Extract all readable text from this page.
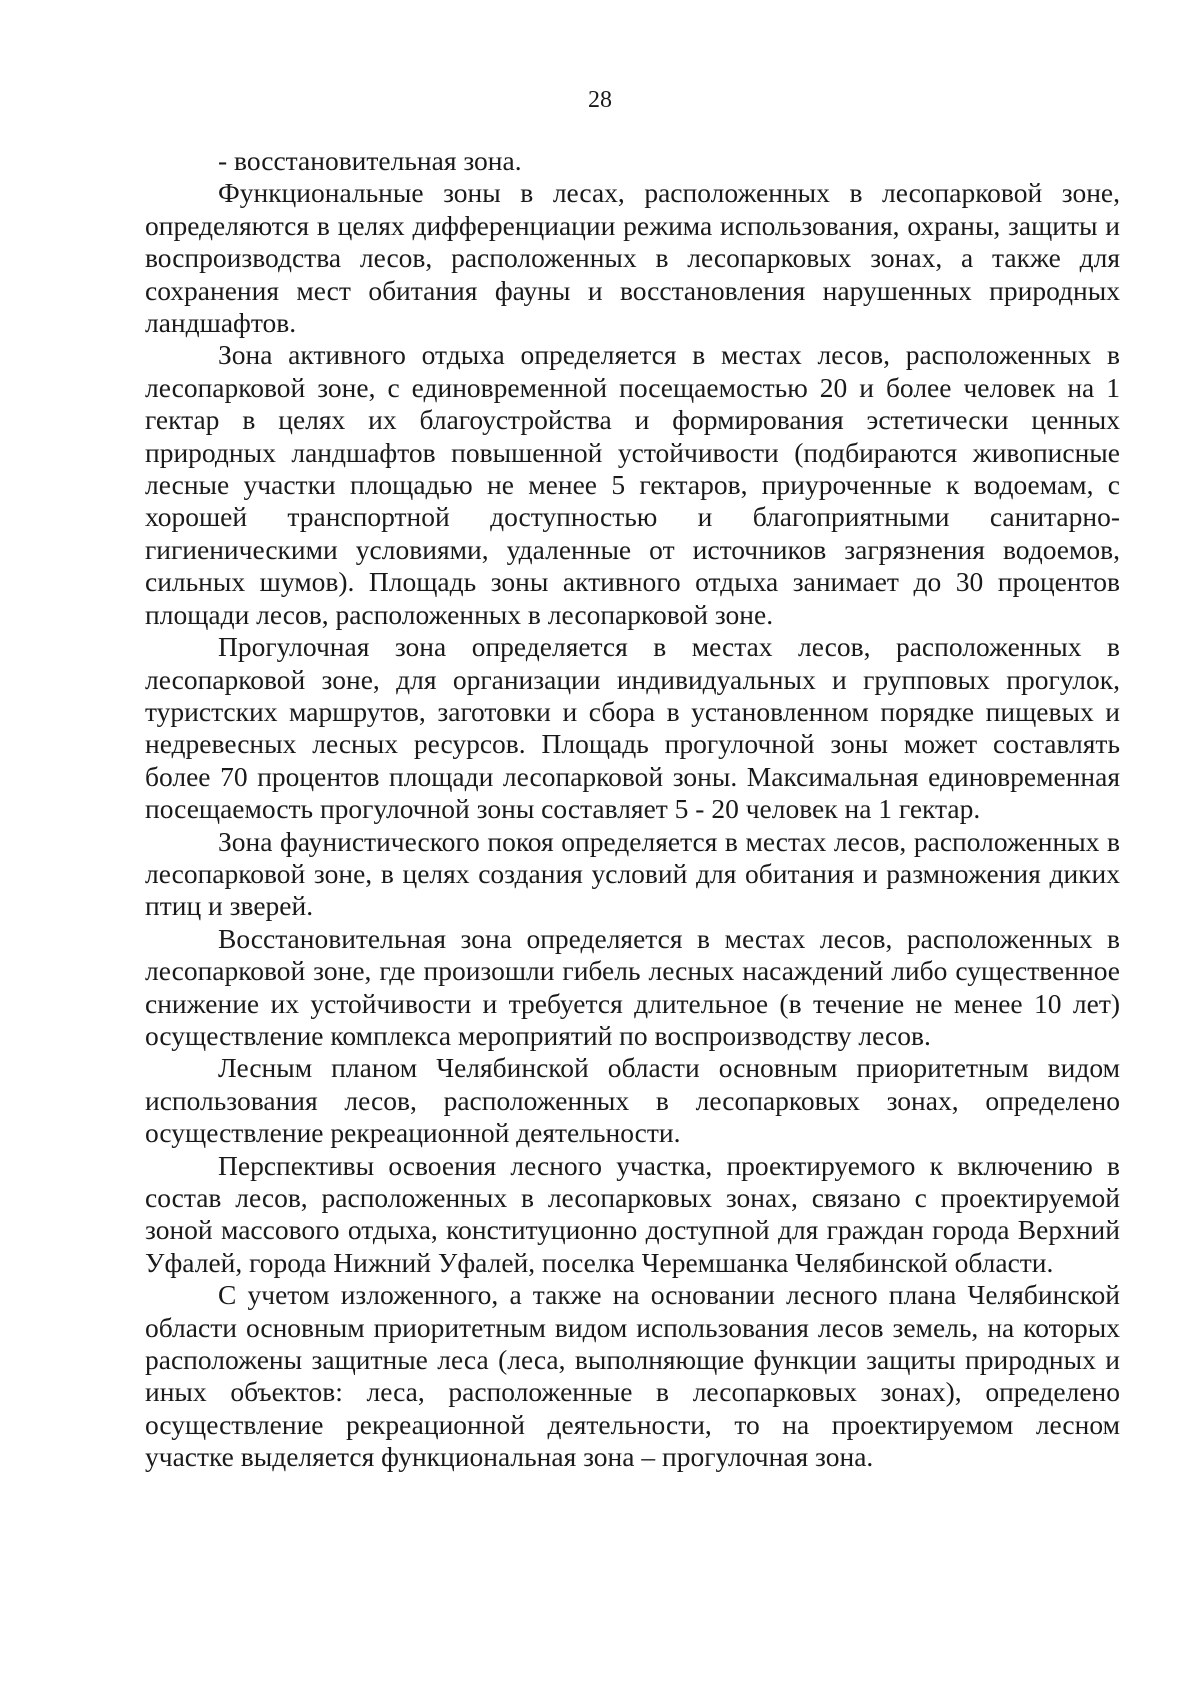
28

- восстановительная зона.

Функциональные зоны в лесах, расположенных в лесопарковой зоне, определяются в целях дифференциации режима использования, охраны, защиты и воспроизводства лесов, расположенных в лесопарковых зонах, а также для сохранения мест обитания фауны и восстановления нарушенных природных ландшафтов.

Зона активного отдыха определяется в местах лесов, расположенных в лесопарковой зоне, с единовременной посещаемостью 20 и более человек на 1 гектар в целях их благоустройства и формирования эстетически ценных природных ландшафтов повышенной устойчивости (подбираются живописные лесные участки площадью не менее 5 гектаров, приуроченные к водоемам, с хорошей транспортной доступностью и благоприятными санитарно-гигиеническими условиями, удаленные от источников загрязнения водоемов, сильных шумов). Площадь зоны активного отдыха занимает до 30 процентов площади лесов, расположенных в лесопарковой зоне.

Прогулочная зона определяется в местах лесов, расположенных в лесопарковой зоне, для организации индивидуальных и групповых прогулок, туристских маршрутов, заготовки и сбора в установленном порядке пищевых и недревесных лесных ресурсов. Площадь прогулочной зоны может составлять более 70 процентов площади лесопарковой зоны. Максимальная единовременная посещаемость прогулочной зоны составляет 5 - 20 человек на 1 гектар.

Зона фаунистического покоя определяется в местах лесов, расположенных в лесопарковой зоне, в целях создания условий для обитания и размножения диких птиц и зверей.

Восстановительная зона определяется в местах лесов, расположенных в лесопарковой зоне, где произошли гибель лесных насаждений либо существенное снижение их устойчивости и требуется длительное (в течение не менее 10 лет) осуществление комплекса мероприятий по воспроизводству лесов.

Лесным планом Челябинской области основным приоритетным видом использования лесов, расположенных в лесопарковых зонах, определено осуществление рекреационной деятельности.

Перспективы освоения лесного участка, проектируемого к включению в состав лесов, расположенных в лесопарковых зонах, связано с проектируемой зоной массового отдыха, конституционно доступной для граждан города Верхний Уфалей, города Нижний Уфалей, поселка Черемшанка Челябинской области.

С учетом изложенного, а также на основании лесного плана Челябинской области основным приоритетным видом использования лесов земель, на которых расположены защитные леса (леса, выполняющие функции защиты природных и иных объектов: леса, расположенные в лесопарковых зонах), определено осуществление рекреационной деятельности, то на проектируемом лесном участке выделяется функциональная зона – прогулочная зона.
